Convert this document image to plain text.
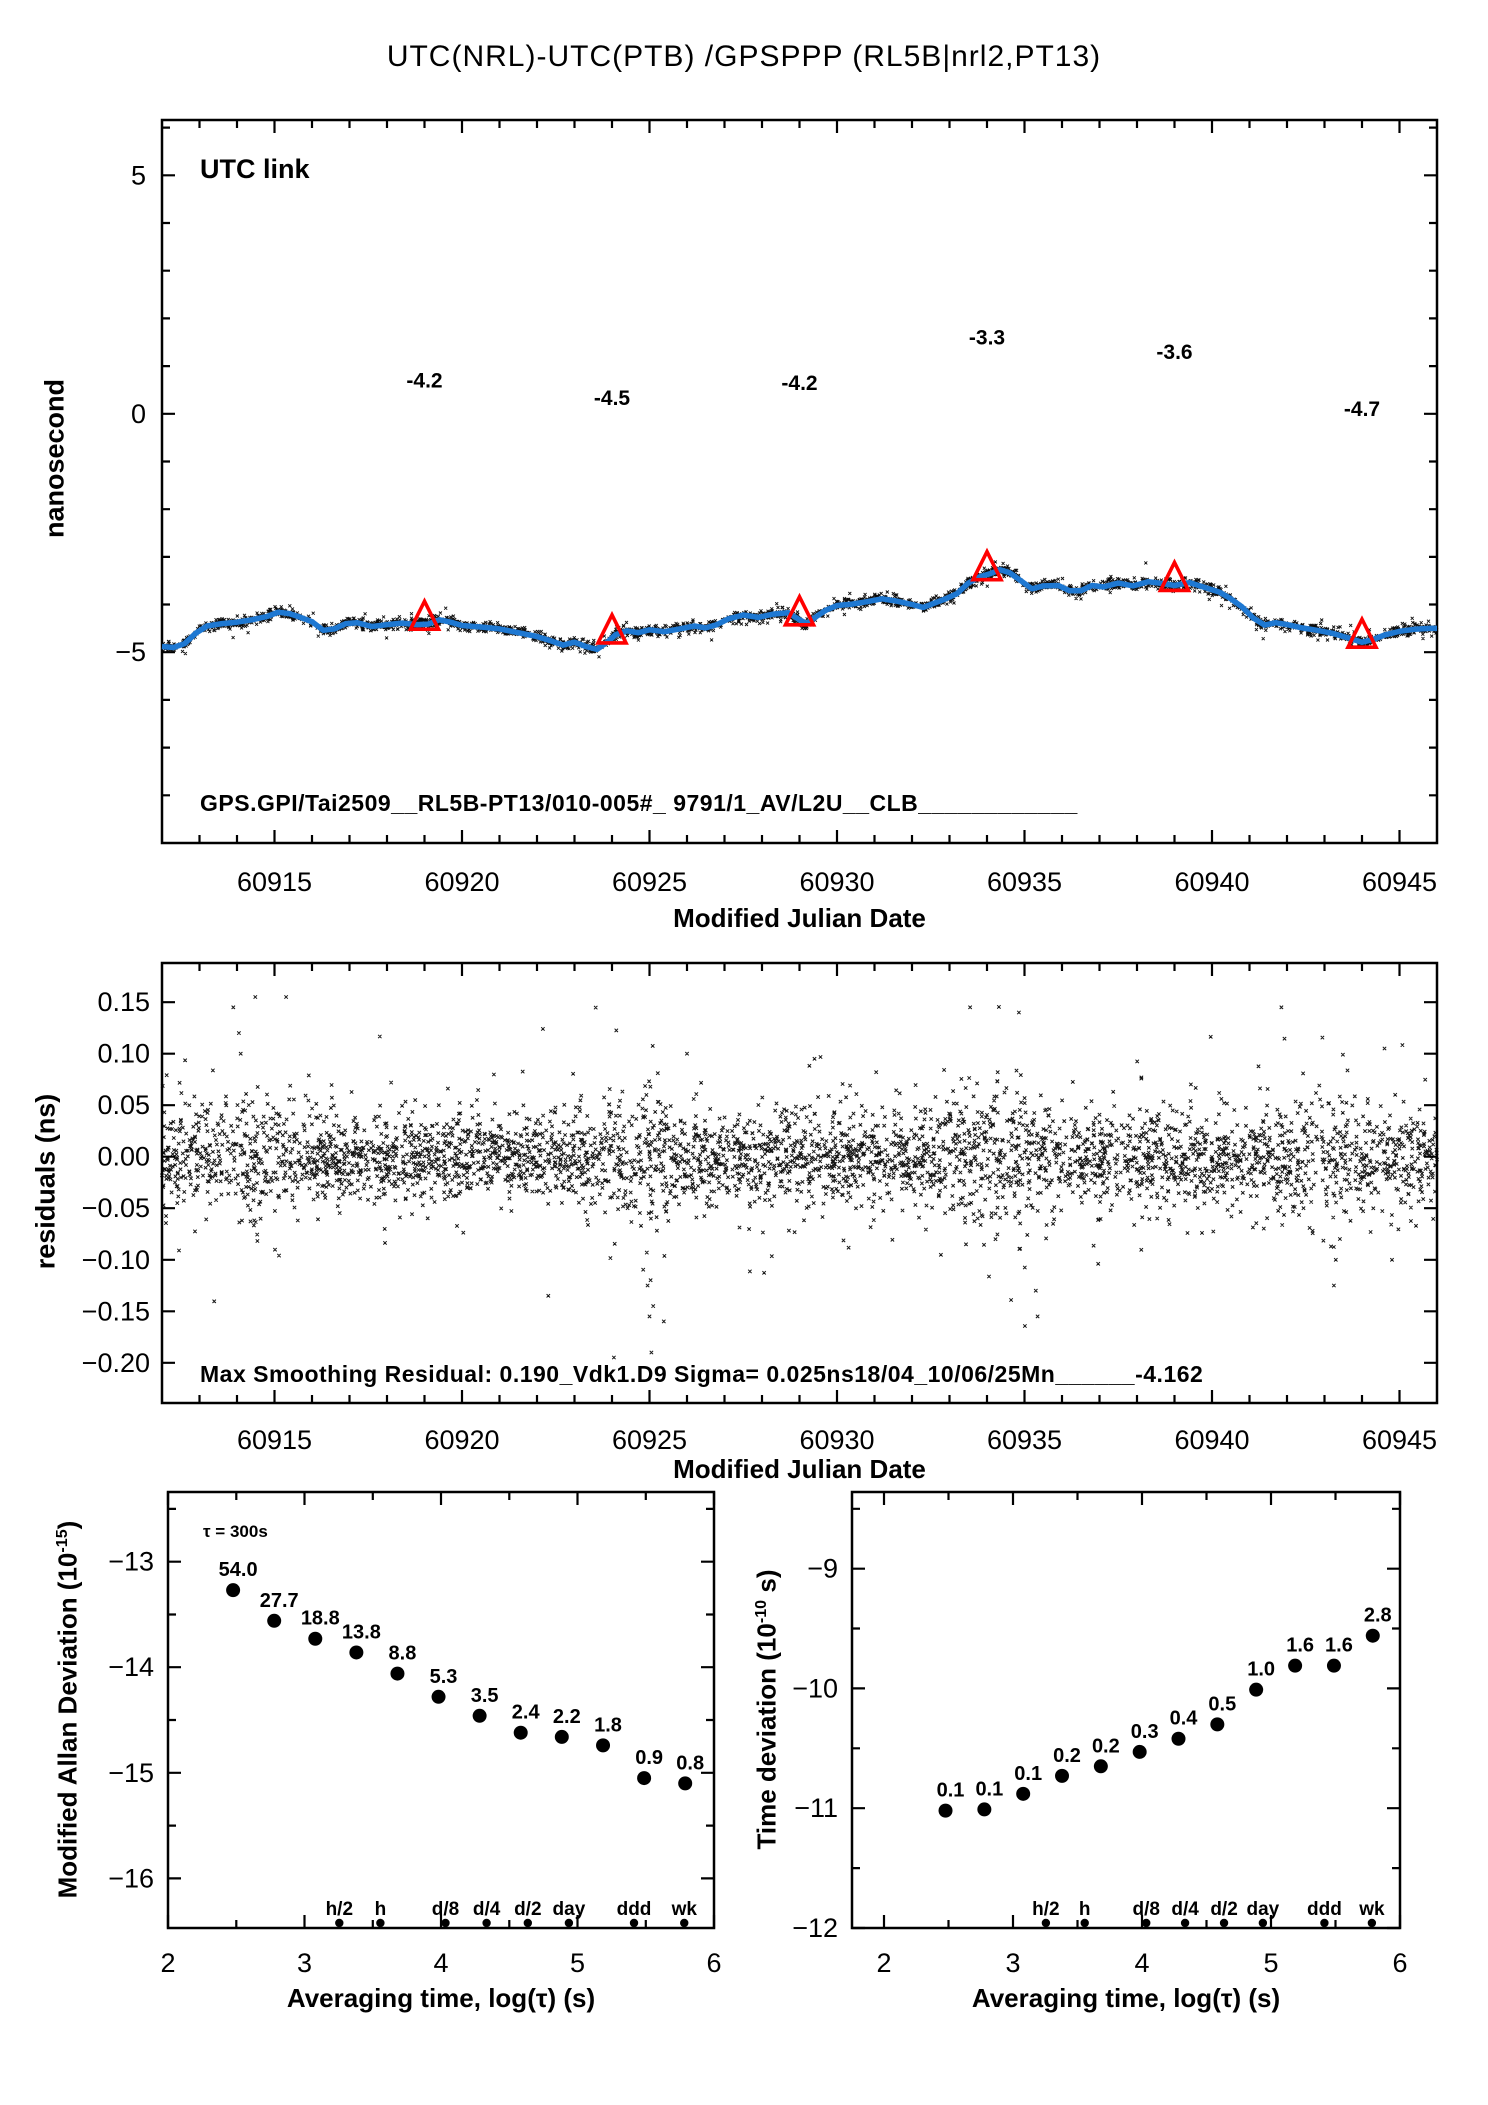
60915	60920	60925	60930	60935	60940	60945
5
0
−5
-4.2
-4.5
-4.2
-3.3
-3.6
-4.7
60915	60920	60925	60930	60935	60940	60945
0.15
0.10
0.05
0.00
−0.05
−0.10
−0.15
−0.20
2	3	4	5	6
−13
−14
−15
−16
54.0
27.7
18.8
13.8
8.8
5.3
3.5
2.4 2.2 1.8
0.9 0.8
h/2 h d/8 d/4 d/2 day ddd wk
2	3	4	5	6
−9
−10
−11
−12
0.1 0.1
0.1
0.2 0.2
0.3
0.4
0.5
1.0
1.6 1.6
2.8
h/2 h d/8 d/4 d/2 day ddd wk
UTC(NRL)-UTC(PTB) /GPSPPP (RL5B|nrl2,PT13)
UTC link
nanosecond
GPS.GPI/Tai2509__RL5B-PT13/010-005#_ 9791/1_AV/L2U__CLB____________
Modified Julian Date
residuals (ns)
Max Smoothing Residual: 0.190_Vdk1.D9 Sigma= 0.025ns18/04_10/06/25Mn______-4.162
Modified Julian Date
τ = 300s
Modified Allan Deviation $(10^{-15})$
Averaging time, log(τ) (s)
Time deviation ($10^{-10}$ s)
Averaging time, log(τ) (s)
